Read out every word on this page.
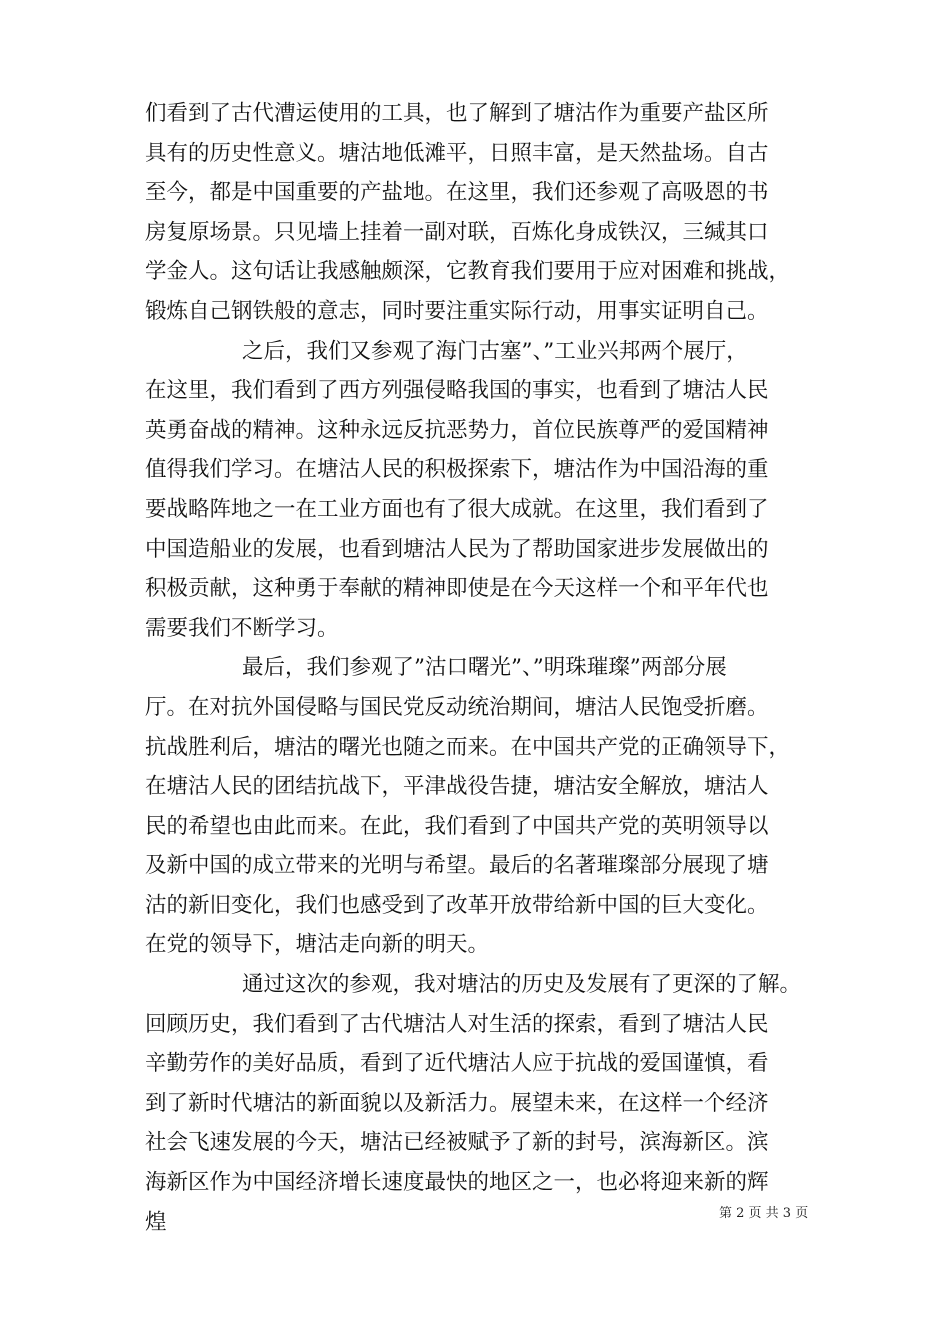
们看到了古代漕运使用的工具，也了解到了塘沽作为重要产盐区所
具有的历史性意义。塘沽地低滩平，日照丰富，是天然盐场。自古
至今，都是中国重要的产盐地。在这里，我们还参观了高吸恩的书
房复原场景。只见墙上挂着一副对联，百炼化身成铁汉，三缄其口
学金人。这句话让我感触颇深，它教育我们要用于应对困难和挑战，
锻炼自己钢铁般的意志，同时要注重实际行动，用事实证明自己。
之后，我们又参观了海门古塞”、”工业兴邦两个展厅，
在这里，我们看到了西方列强侵略我国的事实，也看到了塘沽人民
英勇奋战的精神。这种永远反抗恶势力，首位民族尊严的爱国精神
值得我们学习。在塘沽人民的积极探索下，塘沽作为中国沿海的重
要战略阵地之一在工业方面也有了很大成就。在这里，我们看到了
中国造船业的发展，也看到塘沽人民为了帮助国家进步发展做出的
积极贡献，这种勇于奉献的精神即使是在今天这样一个和平年代也
需要我们不断学习。
最后，我们参观了”沽口曙光”、”明珠璀璨”两部分展
厅。在对抗外国侵略与国民党反动统治期间，塘沽人民饱受折磨。
抗战胜利后，塘沽的曙光也随之而来。在中国共产党的正确领导下，
在塘沽人民的团结抗战下，平津战役告捷，塘沽安全解放，塘沽人
民的希望也由此而来。在此，我们看到了中国共产党的英明领导以
及新中国的成立带来的光明与希望。最后的名著璀璨部分展现了塘
沽的新旧变化，我们也感受到了改革开放带给新中国的巨大变化。
在党的领导下，塘沽走向新的明天。
通过这次的参观，我对塘沽的历史及发展有了更深的了解。
回顾历史，我们看到了古代塘沽人对生活的探索，看到了塘沽人民
辛勤劳作的美好品质，看到了近代塘沽人应于抗战的爱国谨慎，看
到了新时代塘沽的新面貌以及新活力。展望未来，在这样一个经济
社会飞速发展的今天，塘沽已经被赋予了新的封号，滨海新区。滨
海新区作为中国经济增长速度最快的地区之一，也必将迎来新的辉
煌	第 2 页 共 3 页
